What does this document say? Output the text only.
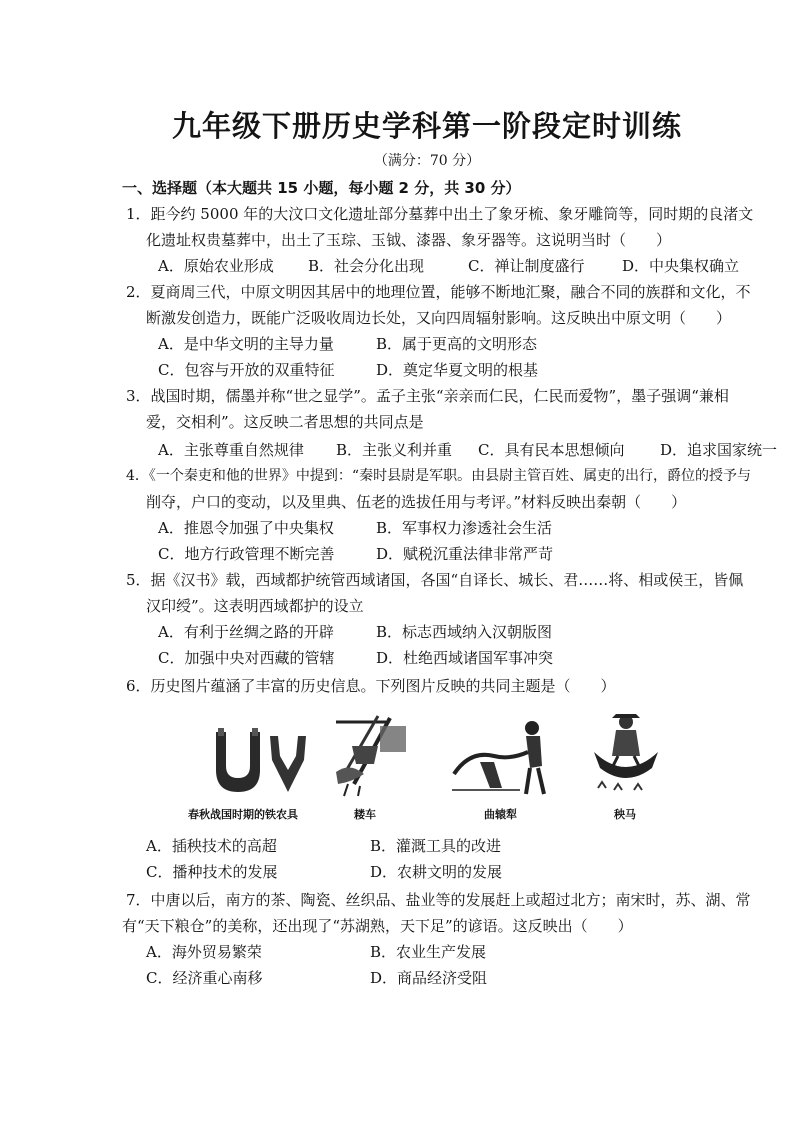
九年级下册历史学科第一阶段定时训练
（满分：70 分）
一、选择题（本大题共 15 小题，每小题 2 分，共 30 分）
1．距今约 5000 年的大汶口文化遗址部分墓葬中出土了象牙梳、象牙雕筒等，同时期的良渚文
化遗址权贵墓葬中，出土了玉琮、玉钺、漆器、象牙器等。这说明当时（　　）
A．原始农业形成 B．社会分化出现	C．禅让制度盛行	D．中央集权确立
2．夏商周三代，中原文明因其居中的地理位置，能够不断地汇聚，融合不同的族群和文化，不
断激发创造力，既能广泛吸收周边长处，又向四周辐射影响。这反映出中原文明（　　）
A．是中华文明的主导力量	B．属于更高的文明形态
C．包容与开放的双重特征	D．奠定华夏文明的根基
3．战国时期，儒墨并称“世之显学”。孟子主张“亲亲而仁民，仁民而爱物”，墨子强调“兼相
爱，交相利”。这反映二者思想的共同点是
A．主张尊重自然规律 B．主张义利并重 C．具有民本思想倾向 D．追求国家统一
4．《一个秦吏和他的世界》中提到：“秦时县尉是军职。由县尉主管百姓、属吏的出行，爵位的授予与
削夺，户口的变动，以及里典、伍老的选拔任用与考评。”材料反映出秦朝（　　）
A．推恩令加强了中央集权	B．军事权力渗透社会生活
C．地方行政管理不断完善	D．赋税沉重法律非常严苛
5．据《汉书》载，西域都护统管西域诸国，各国“自译长、城长、君……将、相或侯王，皆佩
汉印绶”。这表明西域都护的设立
A．有利于丝绸之路的开辟	B．标志西域纳入汉朝版图
C．加强中央对西藏的管辖	D．杜绝西域诸国军事冲突
6．历史图片蕴涵了丰富的历史信息。下列图片反映的共同主题是（　　）
A．插秧技术的高超	B．灌溉工具的改进
C．播种技术的发展	D．农耕文明的发展
7．中唐以后，南方的茶、陶瓷、丝织品、盐业等的发展赶上或超过北方；南宋时，苏、湖、常
有“天下粮仓”的美称，还出现了“苏湖熟，天下足”的谚语。这反映出（　　）
A．海外贸易繁荣	B．农业生产发展
C．经济重心南移	D．商品经济受阻
春秋战国时期的铁农具	耧车	曲辕犁	秧马
